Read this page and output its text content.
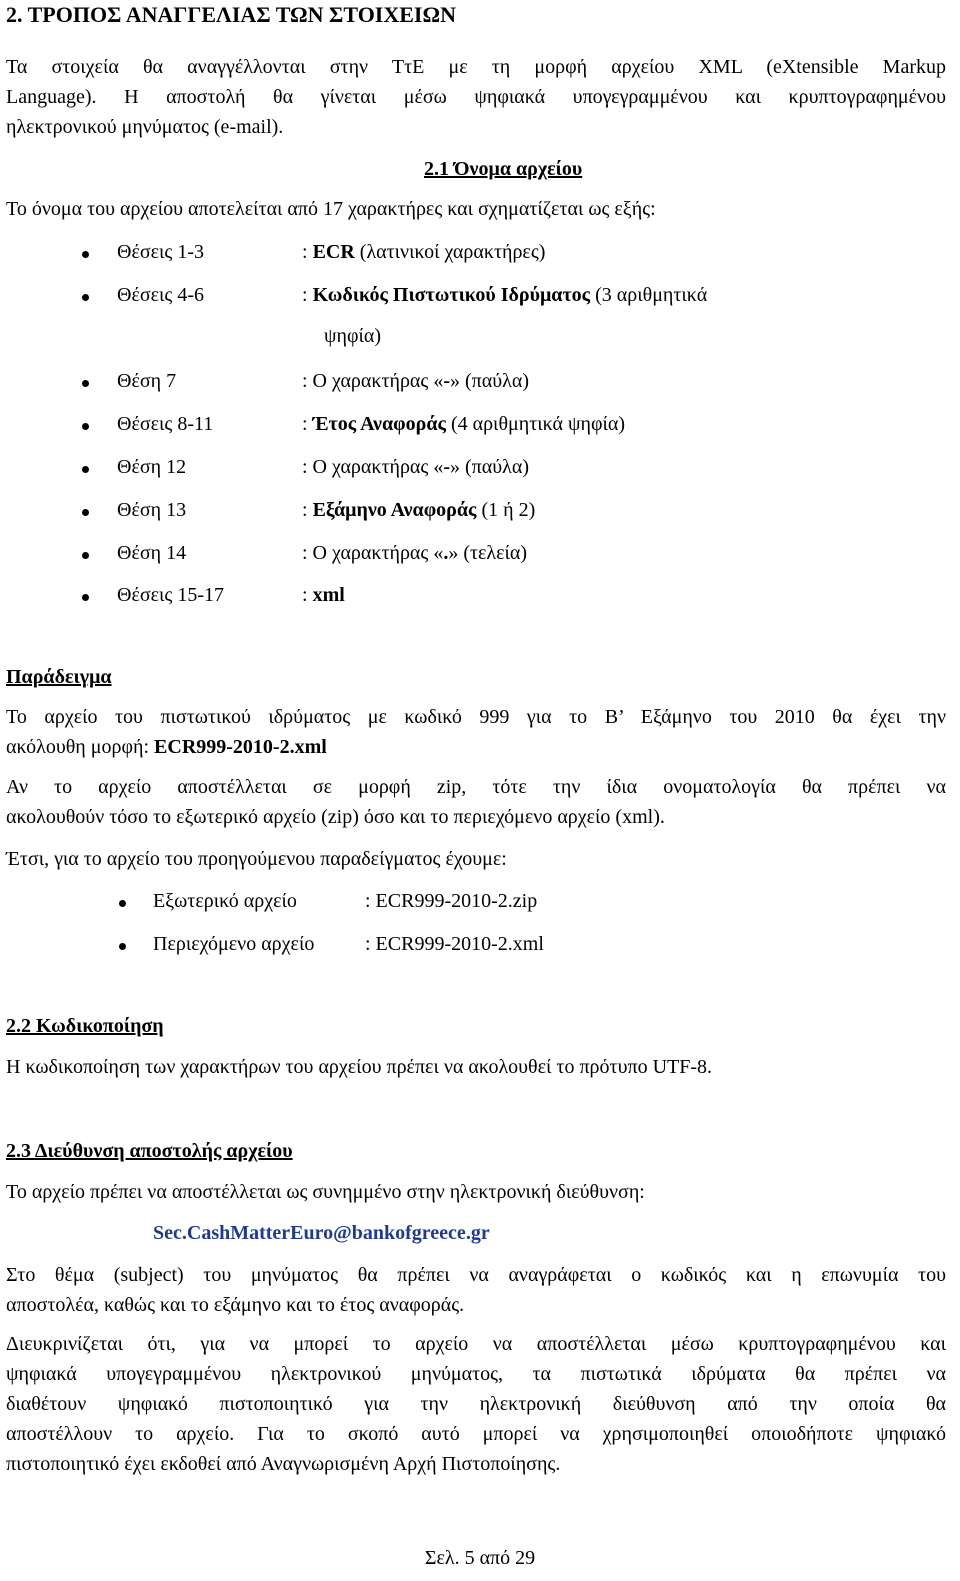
2. ΤΡΟΠΟΣ ΑΝΑΓΓΕΛΙΑΣ ΤΩΝ ΣΤΟΙΧΕΙΩΝ
Τα στοιχεία θα αναγγέλλονται στην ΤτΕ με τη μορφή αρχείου XML (eXtensible Markup
Language). Η αποστολή θα γίνεται μέσω ψηφιακά υπογεγραμμένου και κρυπτογραφημένου
ηλεκτρονικού μηνύματος (e-mail).
2.1 Όνομα αρχείου
Το όνομα του αρχείου αποτελείται από 17 χαρακτήρες και σχηματίζεται ως εξής:
Θέσεις 1-3	: ECR (λατινικοί χαρακτήρες)
Θέσεις 4-6	: Κωδικός Πιστωτικού Ιδρύματος (3 αριθμητικά
ψηφία)
Θέση 7	: Ο χαρακτήρας «-» (παύλα)
Θέσεις 8-11	: Έτος Αναφοράς (4 αριθμητικά ψηφία)
Θέση 12	: Ο χαρακτήρας «-» (παύλα)
Θέση 13	: Εξάμηνο Αναφοράς (1 ή 2)
Θέση 14	: Ο χαρακτήρας «.» (τελεία)
Θέσεις 15-17	: xml
Παράδειγμα
Το αρχείο του πιστωτικού ιδρύματος με κωδικό 999 για το Β’ Εξάμηνο του 2010 θα έχει την
ακόλουθη μορφή: ECR999-2010-2.xml
Αν το αρχείο αποστέλλεται σε μορφή zip, τότε την ίδια ονοματολογία θα πρέπει να
ακολουθούν τόσο το εξωτερικό αρχείο (zip) όσο και το περιεχόμενο αρχείο (xml).
Έτσι, για το αρχείο του προηγούμενου παραδείγματος έχουμε:
Εξωτερικό αρχείο	: ECR999-2010-2.zip
Περιεχόμενο αρχείο	: ECR999-2010-2.xml
2.2 Κωδικοποίηση
Η κωδικοποίηση των χαρακτήρων του αρχείου πρέπει να ακολουθεί το πρότυπο UTF-8.
2.3 Διεύθυνση αποστολής αρχείου
Το αρχείο πρέπει να αποστέλλεται ως συνημμένο στην ηλεκτρονική διεύθυνση:
Sec.CashMatterEuro@bankofgreece.gr
Στο θέμα (subject) του μηνύματος θα πρέπει να αναγράφεται ο κωδικός και η επωνυμία του
αποστολέα, καθώς και το εξάμηνο και το έτος αναφοράς.
Διευκρινίζεται ότι, για να μπορεί το αρχείο να αποστέλλεται μέσω κρυπτογραφημένου και
ψηφιακά υπογεγραμμένου ηλεκτρονικού μηνύματος, τα πιστωτικά ιδρύματα θα πρέπει να
διαθέτουν ψηφιακό πιστοποιητικό για την ηλεκτρονική διεύθυνση από την οποία θα
αποστέλλουν το αρχείο. Για το σκοπό αυτό μπορεί να χρησιμοποιηθεί οποιοδήποτε ψηφιακό
πιστοποιητικό έχει εκδοθεί από Αναγνωρισμένη Αρχή Πιστοποίησης.
Σελ. 5 από 29
